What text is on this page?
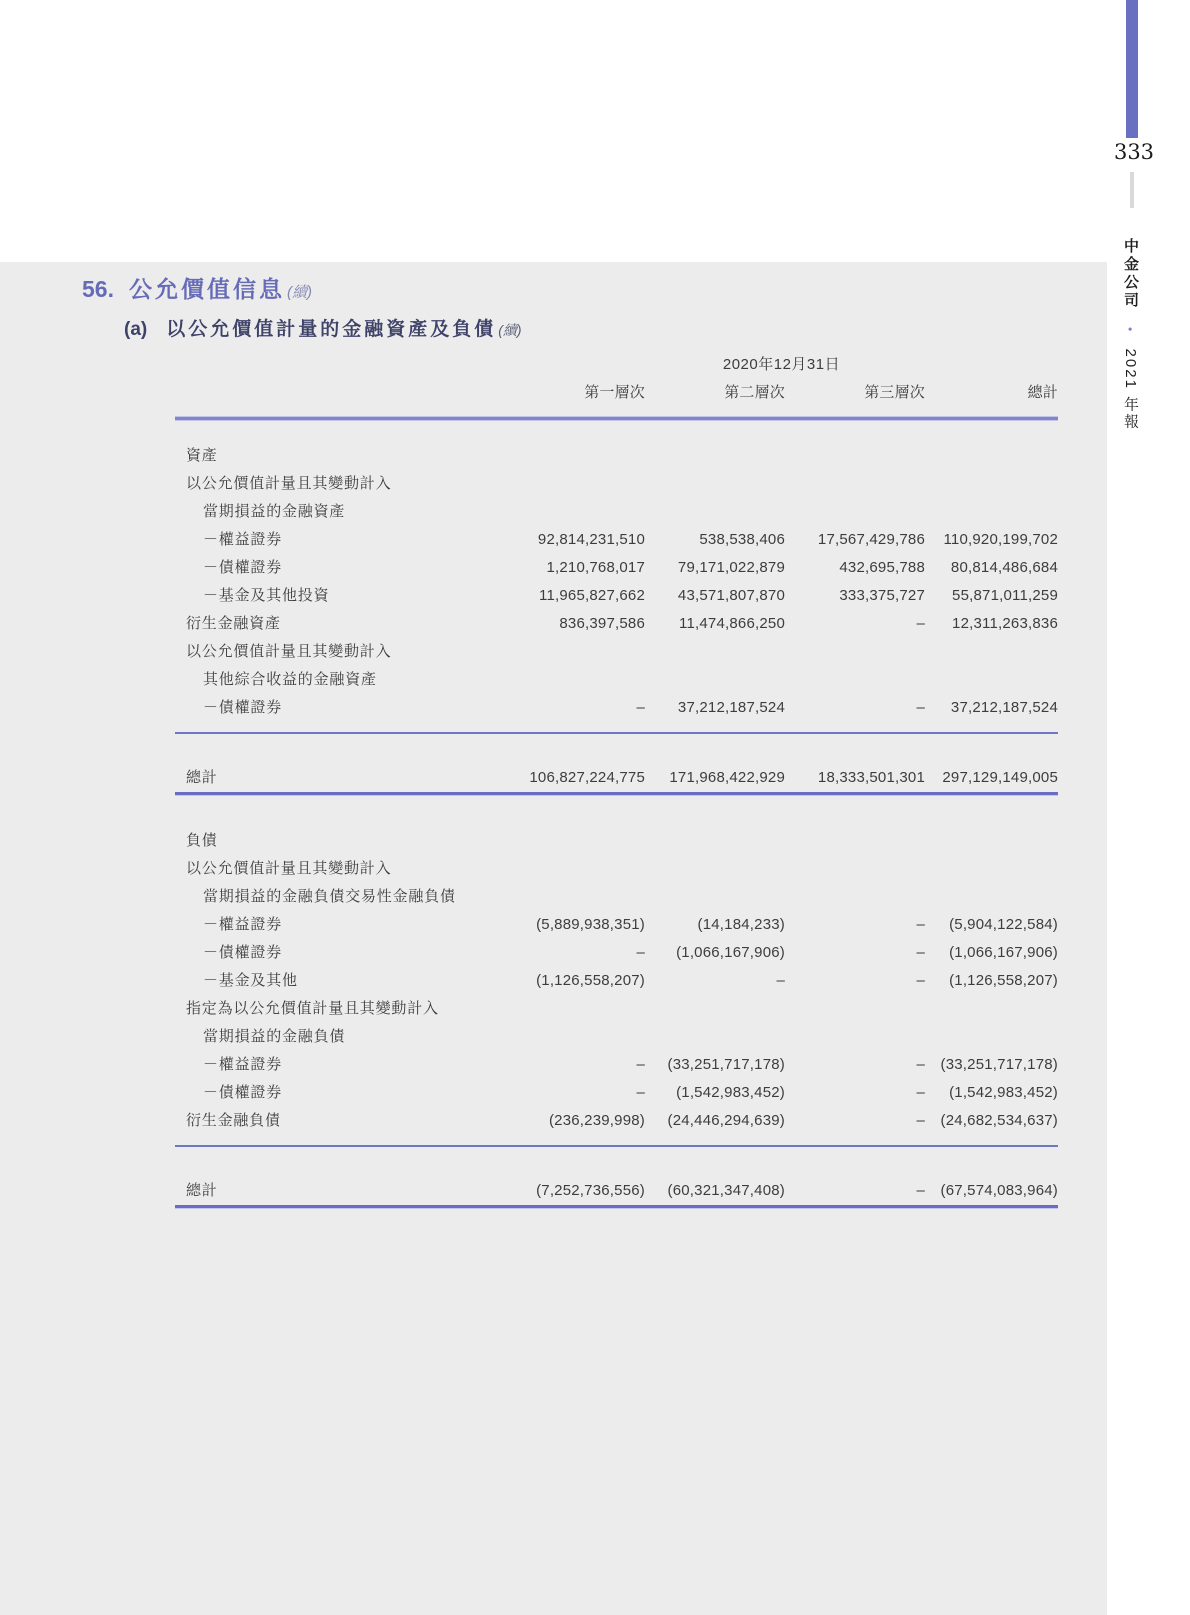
56. 公允價值信息 (續)
(a) 以公允價值計量的金融資產及負債 (續)
2020年12月31日
第一層次	第二層次	第三層次	總計
資產
以公允價值計量且其變動計入
當期損益的金融資產
－權益證券	92,814,231,510	538,538,406	17,567,429,786	110,920,199,702
－債權證券	1,210,768,017	79,171,022,879	432,695,788	80,814,486,684
－基金及其他投資	11,965,827,662	43,571,807,870	333,375,727	55,871,011,259
衍生金融資產	836,397,586	11,474,866,250	–	12,311,263,836
以公允價值計量且其變動計入
其他綜合收益的金融資產
－債權證券	–	37,212,187,524	–	37,212,187,524
總計	106,827,224,775	171,968,422,929	18,333,501,301	297,129,149,005
負債
以公允價值計量且其變動計入
當期損益的金融負債交易性金融負債
－權益證券	(5,889,938,351)	(14,184,233)	–	(5,904,122,584)
－債權證券	–	(1,066,167,906)	–	(1,066,167,906)
－基金及其他	(1,126,558,207)	–	–	(1,126,558,207)
指定為以公允價值計量且其變動計入
當期損益的金融負債
－權益證券	–	(33,251,717,178)	–	(33,251,717,178)
－債權證券	–	(1,542,983,452)	–	(1,542,983,452)
衍生金融負債	(236,239,998)	(24,446,294,639)	–	(24,682,534,637)
總計	(7,252,736,556)	(60,321,347,408)	–	(67,574,083,964)
333
中金公司 • 2021 年報
